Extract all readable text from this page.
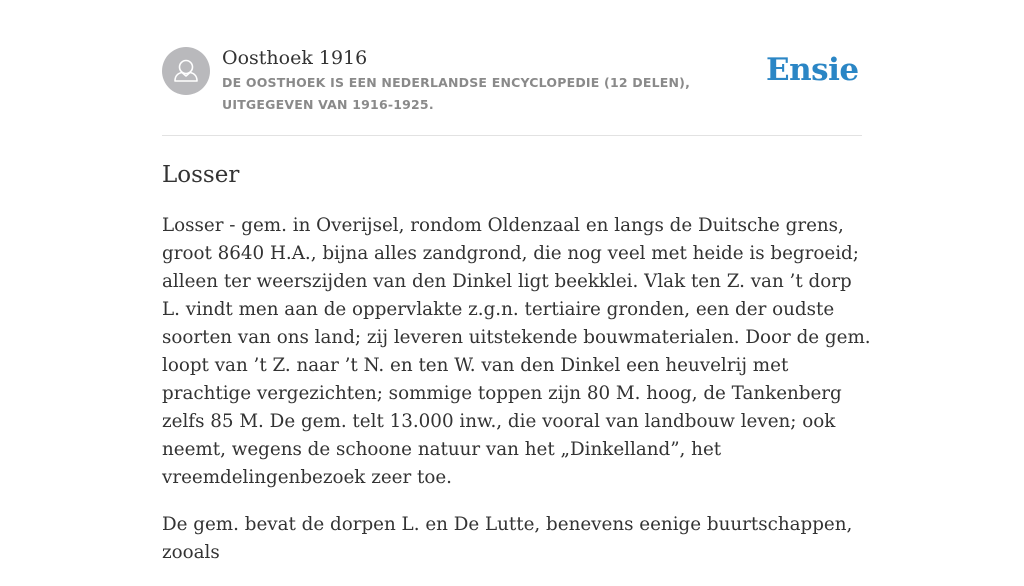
Oosthoek 1916
DE OOSTHOEK IS EEN NEDERLANDSE ENCYCLOPEDIE (12 DELEN), UITGEGEVEN VAN 1916-1925.
Ensie
Losser

Losser - gem. in Overijsel, rondom Oldenzaal en langs de Duitsche grens, groot 8640 H.A., bijna alles zandgrond, die nog veel met heide is begroeid; alleen ter weerszijden van den Dinkel ligt beekklei. Vlak ten Z. van ’t dorp L. vindt men aan de oppervlakte z.g.n. tertiaire gronden, een der oudste soorten van ons land; zij leveren uitstekende bouwmaterialen. Door de gem. loopt van ’t Z. naar ’t N. en ten W. van den Dinkel een heuvelrij met prachtige vergezichten; sommige toppen zijn 80 M. hoog, de Tankenberg zelfs 85 M. De gem. telt 13.000 inw., die vooral van landbouw leven; ook neemt, wegens de schoone natuur van het „Dinkelland”, het vreemdelingenbezoek zeer toe.

De gem. bevat de dorpen L. en De Lutte, benevens eenige buurtschappen, zooals
